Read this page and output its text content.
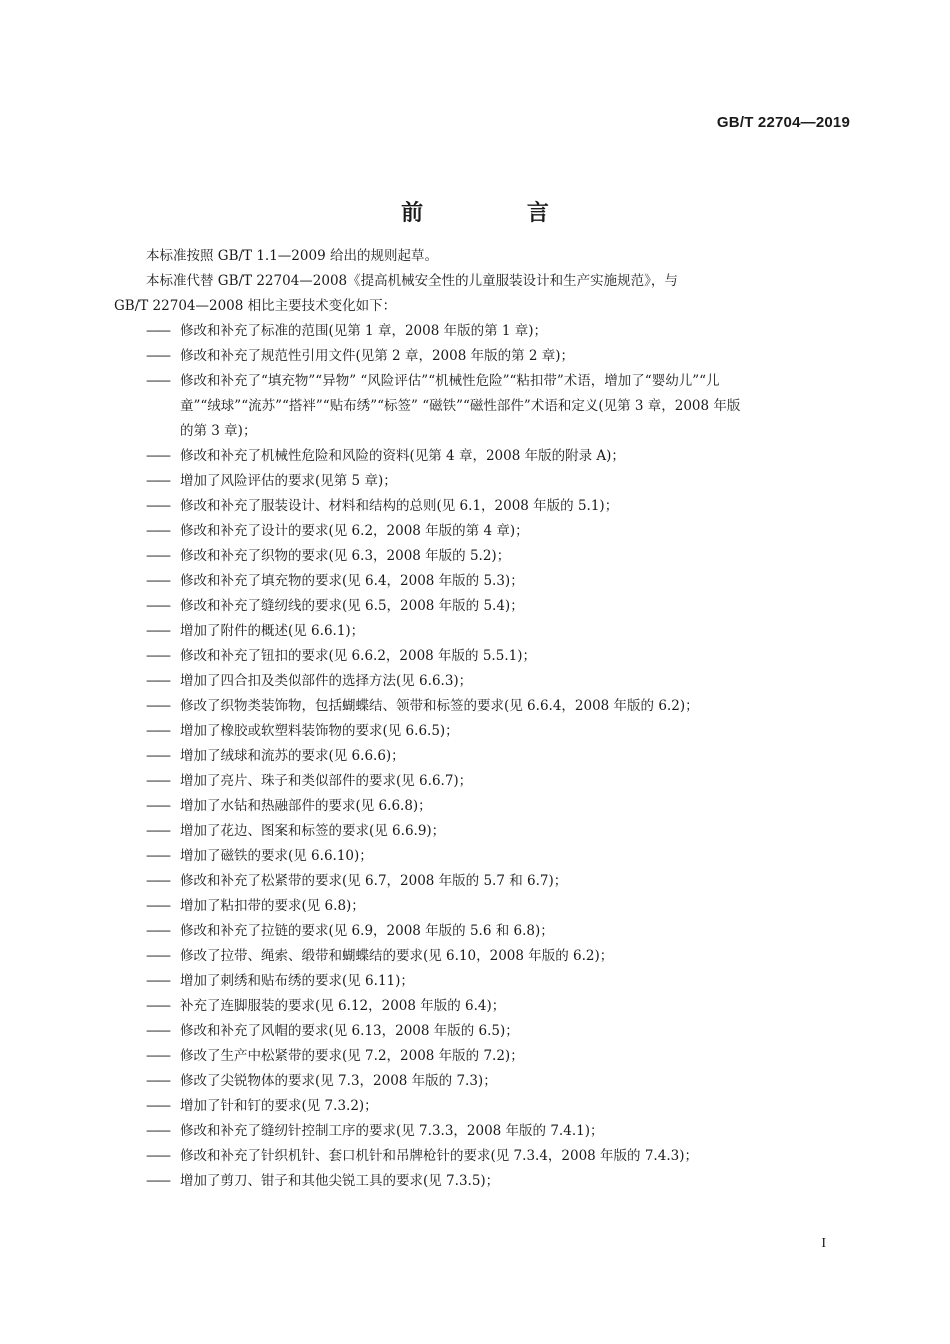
GB/T 22704—2019
前 言
本标准按照 GB/T 1.1—2009 给出的规则起草。
本标准代替 GB/T 22704—2008《提高机械安全性的儿童服装设计和生产实施规范》，与
GB/T 22704—2008 相比主要技术变化如下：
—— 修改和补充了标准的范围(见第 1 章，2008 年版的第 1 章)；
—— 修改和补充了规范性引用文件(见第 2 章，2008 年版的第 2 章)；
—— 修改和补充了“填充物”“异物” “风险评估”“机械性危险”“粘扣带”术语，增加了“婴幼儿”“儿
童”“绒球”“流苏”“搭袢”“贴布绣”“标签” “磁铁”“磁性部件”术语和定义(见第 3 章，2008 年版
的第 3 章)；
—— 修改和补充了机械性危险和风险的资料(见第 4 章，2008 年版的附录 A)；
—— 增加了风险评估的要求(见第 5 章)；
—— 修改和补充了服装设计、材料和结构的总则(见 6.1，2008 年版的 5.1)；
—— 修改和补充了设计的要求(见 6.2，2008 年版的第 4 章)；
—— 修改和补充了织物的要求(见 6.3，2008 年版的 5.2)；
—— 修改和补充了填充物的要求(见 6.4，2008 年版的 5.3)；
—— 修改和补充了缝纫线的要求(见 6.5，2008 年版的 5.4)；
—— 增加了附件的概述(见 6.6.1)；
—— 修改和补充了钮扣的要求(见 6.6.2，2008 年版的 5.5.1)；
—— 增加了四合扣及类似部件的选择方法(见 6.6.3)；
—— 修改了织物类装饰物，包括蝴蝶结、领带和标签的要求(见 6.6.4，2008 年版的 6.2)；
—— 增加了橡胶或软塑料装饰物的要求(见 6.6.5)；
—— 增加了绒球和流苏的要求(见 6.6.6)；
—— 增加了亮片、珠子和类似部件的要求(见 6.6.7)；
—— 增加了水钻和热融部件的要求(见 6.6.8)；
—— 增加了花边、图案和标签的要求(见 6.6.9)；
—— 增加了磁铁的要求(见 6.6.10)；
—— 修改和补充了松紧带的要求(见 6.7，2008 年版的 5.7 和 6.7)；
—— 增加了粘扣带的要求(见 6.8)；
—— 修改和补充了拉链的要求(见 6.9，2008 年版的 5.6 和 6.8)；
—— 修改了拉带、绳索、缎带和蝴蝶结的要求(见 6.10，2008 年版的 6.2)；
—— 增加了刺绣和贴布绣的要求(见 6.11)；
—— 补充了连脚服装的要求(见 6.12，2008 年版的 6.4)；
—— 修改和补充了风帽的要求(见 6.13，2008 年版的 6.5)；
—— 修改了生产中松紧带的要求(见 7.2，2008 年版的 7.2)；
—— 修改了尖锐物体的要求(见 7.3，2008 年版的 7.3)；
—— 增加了针和钉的要求(见 7.3.2)；
—— 修改和补充了缝纫针控制工序的要求(见 7.3.3，2008 年版的 7.4.1)；
—— 修改和补充了针织机针、套口机针和吊牌枪针的要求(见 7.3.4，2008 年版的 7.4.3)；
—— 增加了剪刀、钳子和其他尖锐工具的要求(见 7.3.5)；
I
